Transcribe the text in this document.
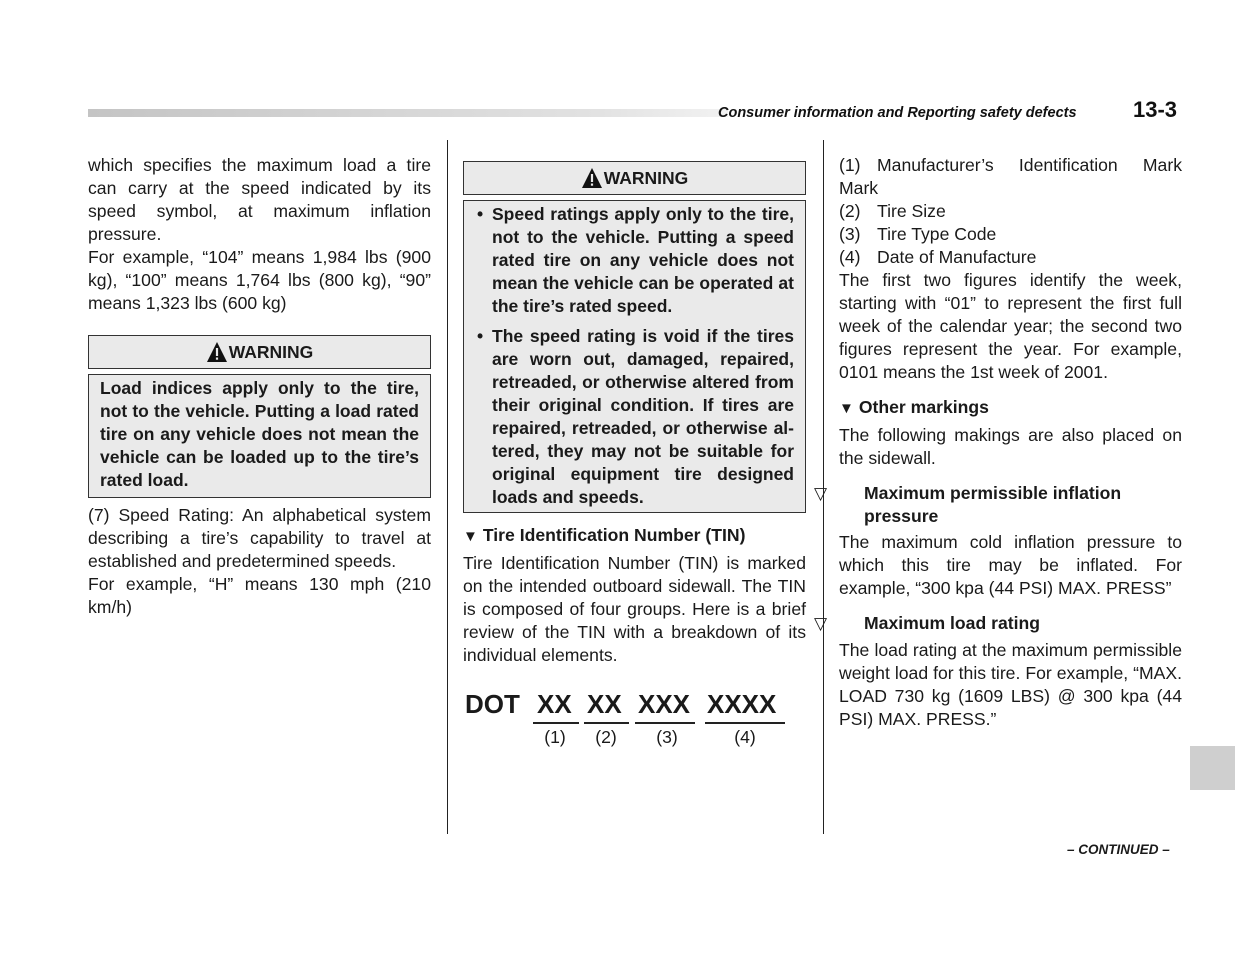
Consumer information and Reporting safety defects	13-3

which specifies the maximum load a tire can carry at the speed indicated by its speed symbol, at maximum inflation pressure.

For example, “104” means 1,984 lbs (900 kg), “100” means 1,764 lbs (800 kg), “90” means 1,323 lbs (600 kg)

WARNING

Load indices apply only to the tire, not to the vehicle. Putting a load rated tire on any vehicle does not mean the vehicle can be loaded up to the tire’s rated load.

(7) Speed Rating: An alphabetical system describing a tire’s capability to travel at established and predetermined speeds.

For example, “H” means 130 mph (210 km/h)

WARNING
• Speed ratings apply only to the tire, not to the vehicle. Putting a speed rated tire on any vehicle does not mean the vehicle can be operated at the tire’s rated speed.
• The speed rating is void if the tires are worn out, damaged, repaired, retreaded, or otherwise altered from their original condition. If tires are repaired, retreaded, or otherwise altered, they may not be suitable for original equipment tire designed loads and speeds.

▼ Tire Identification Number (TIN)

Tire Identification Number (TIN) is marked on the intended outboard sidewall. The TIN is composed of four groups. Here is a brief review of the TIN with a breakdown of its individual elements.

DOT XX XX XXX XXXX
(1) (2) (3)	(4)
(1) Manufacturer’s Identification Mark
Mark
(2) Tire Size
(3) Tire Type Code
(4) Date of Manufacture

The first two figures identify the week, starting with “01” to represent the first full week of the calendar year; the second two figures represent the year. For example, 0101 means the 1st week of 2001.

▼ Other markings

The following makings are also placed on the sidewall.

▽ Maximum permissible inflation pressure

The maximum cold inflation pressure to which this tire may be inflated. For example, “300 kpa (44 PSI) MAX. PRESS”

▽ Maximum load rating

The load rating at the maximum permissible weight load for this tire. For example, “MAX. LOAD 730 kg (1609 LBS) @ 300 kpa (44 PSI) MAX. PRESS.”

– CONTINUED –
